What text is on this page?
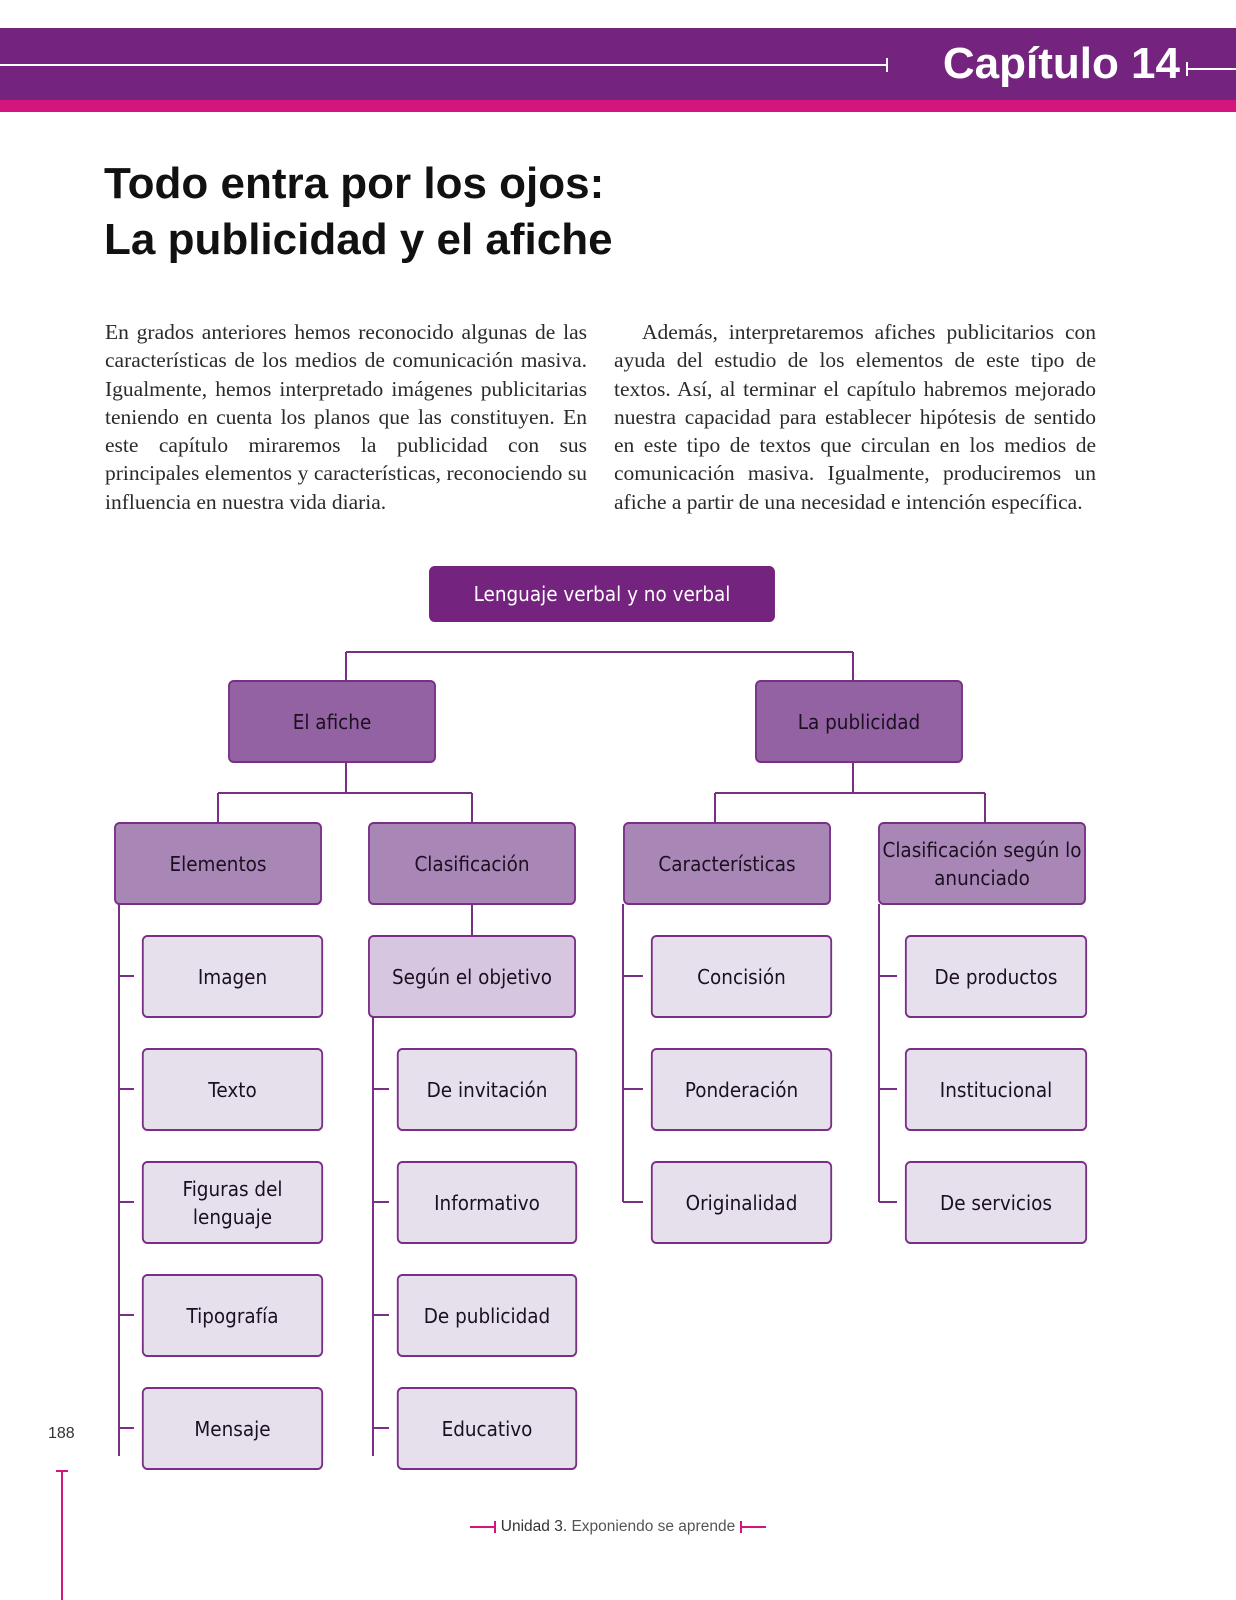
Capítulo 14
Todo entra por los ojos:
La publicidad y el afiche

En grados anteriores hemos reconocido algunas de las características de los medios de comunicación masiva. Igualmente, hemos interpretado imágenes publicitarias teniendo en cuenta los planos que las constituyen. En este capítulo miraremos la publicidad con sus principales elementos y características, reconociendo su influencia en nuestra vida diaria.

Además, interpretaremos afiches publicitarios con ayuda del estudio de los elementos de este tipo de textos. Así, al terminar el capítulo habremos mejorado nuestra capacidad para establecer hipótesis de sentido en este tipo de textos que circulan en los medios de comunicación masiva. Igualmente, produciremos un afiche a partir de una necesidad e intención específica.

Lenguaje verbal y no verbal
El afiche	La publicidad
Elementos	Clasificación	Características
Clasificación según lo anunciado
Imagen
Texto
Figuras del lenguaje
Tipografía
Mensaje
Según el objetivo
De invitación
Informativo
De publicidad
Educativo
Concisión
Ponderación
Originalidad
De productos
Institucional
De servicios
188
Unidad 3. Exponiendo se aprende
